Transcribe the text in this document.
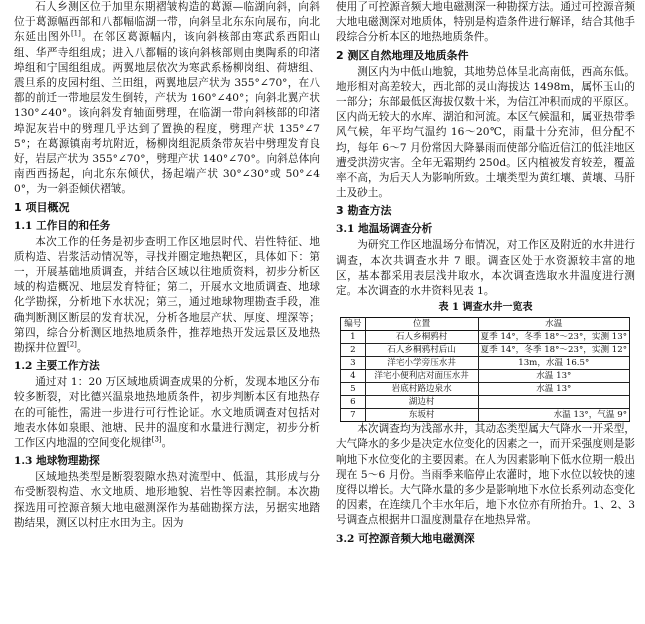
石人乡测区位于加里东期褶皱构造的葛源—临湖向斜，向斜位于葛源幅西部和八都幅临湖一带，向斜呈北东东向展布，向北东延出图外[1]。在邻区葛源幅内，该向斜核部由寒武系西阳山组、华严寺组组成；进入八都幅的该向斜核部则由奥陶系的印渚埠组和宁国组组成。两翼地层依次为寒武系杨柳岗组、荷塘组、震旦系的皮园村组、兰田组，两翼地层产状为 355°∠70°，在八都的前迁一带地层发生倒转，产状为 160°∠40°；向斜北翼产状 130°∠40°。该向斜发育轴面劈理，在临湖一带向斜核部的印渚埠泥灰岩中的劈理几乎达到了置换的程度，劈理产状 135°∠75°；在葛源镇南考坑附近，杨柳岗组泥质条带灰岩中劈理发育良好，岩层产状为 355°∠70°，劈理产状 140°∠70°。向斜总体向南西西扬起，向北东东倾伏，扬起端产状 30°∠30°或 50°∠40°，为一斜歪倾伏褶皱。

1 项目概况
1.1 工作目的和任务

本次工作的任务是初步查明工作区地层时代、岩性特征、地质构造、岩浆活动情况等，寻找并圈定地热靶区，具体如下：第一，开展基础地质调查，并结合区域以往地质资料，初步分析区域的构造概况、地层发育特征；第二，开展水文地质调查、地球化学勘探，分析地下水状况；第三，通过地球物理勘查手段，准确判断测区断层的发育状况，分析各地层产状、厚度、埋深等；第四，综合分析测区地热地质条件，推荐地热开发远景区及地热勘探井位置[2]。

1.2 主要工作方法

通过对 1：20 万区域地质调查成果的分析，发现本地区分布较多断裂，对比德兴温泉地热地质条件，初步判断本区有地热存在的可能性，需进一步进行可行性论证。水文地质调查对包括对地表水体如泉眼、池塘、民井的温度和水量进行测定，初步分析工作区内地温的空间变化规律[3]。

1.3 地球物理勘探

区域地热类型是断裂裂隙水热对流型中、低温，其形成与分布受断裂构造、水文地质、地形地貌、岩性等因素控制。本次勘探选用可控源音频大地电磁测深作为基础勘探方法，另据实地踏勘结果，测区以村庄水田为主。因为

使用了可控源音频大地电磁测深一种勘探方法。通过可控源音频大地电磁测深对地质体，特别是构造条件进行解译，结合其他手段综合分析本区的地热地质条件。

2 测区自然地理及地质条件

测区内为中低山地貌，其地势总体呈北高南低，西高东低。地形相对高差较大，西北部的灵山海拔达 1498m，属怀玉山的一部分；东部最低区海拔仅数十米，为信江冲积而成的平原区。区内尚无较大的水库、湖泊和河流。本区气候温和，属亚热带季风气候，年平均气温约 16～20℃，雨量十分充沛，但分配不均，每年 6～7 月份常因大降暴雨而使部分临近信江的低洼地区遭受洪涝灾害。全年无霜期约 250d。区内植被发育较差，覆盖率不高，为后天人为影响所致。土壤类型为黄红壤、黄壤、马肝土及砂土。

3 勘查方法
3.1 地温场调查分析

为研究工作区地温场分布情况，对工作区及附近的水井进行调查，本次共调查水井 7 眼。调查区处于水资源较丰富的地区，基本都采用表层浅井取水，本次调查选取水井温度进行测定。本次调查的水井资料见表 1。

表 1 调查水井一览表
编号	位置	水温
1	石人乡桐鸦村	夏季 14°，冬季 18°～23°，实测 13°
2	石人乡桐鸦村后山	夏季 14°，冬季 18°～23°，实测 12°
3	洋宅小学旁压水井	13m，水温 16.5°
4	洋宅小便利店对面压水井	水温 13°
5	岩底村路边泉水	水温 13°
6	湖边村	
7	东坂村	水温 13°，气温 9°

本次调查均为浅部水井，其动态类型属大气降水一开采型，大气降水的多少是决定水位变化的因素之一，而开采强度则是影响地下水位变化的主要因素。在人为因素影响下低水位期一般出现在 5～6 月份。当雨季来临停止农灌时，地下水位以较快的速度得以增长。大气降水量的多少是影响地下水位长系列动态变化的因素，在连续几个丰水年后，地下水位亦有所抬升。1、2、3 号调查点根据井口温度测量存在地热异常。

3.2 可控源音频大地电磁测深
